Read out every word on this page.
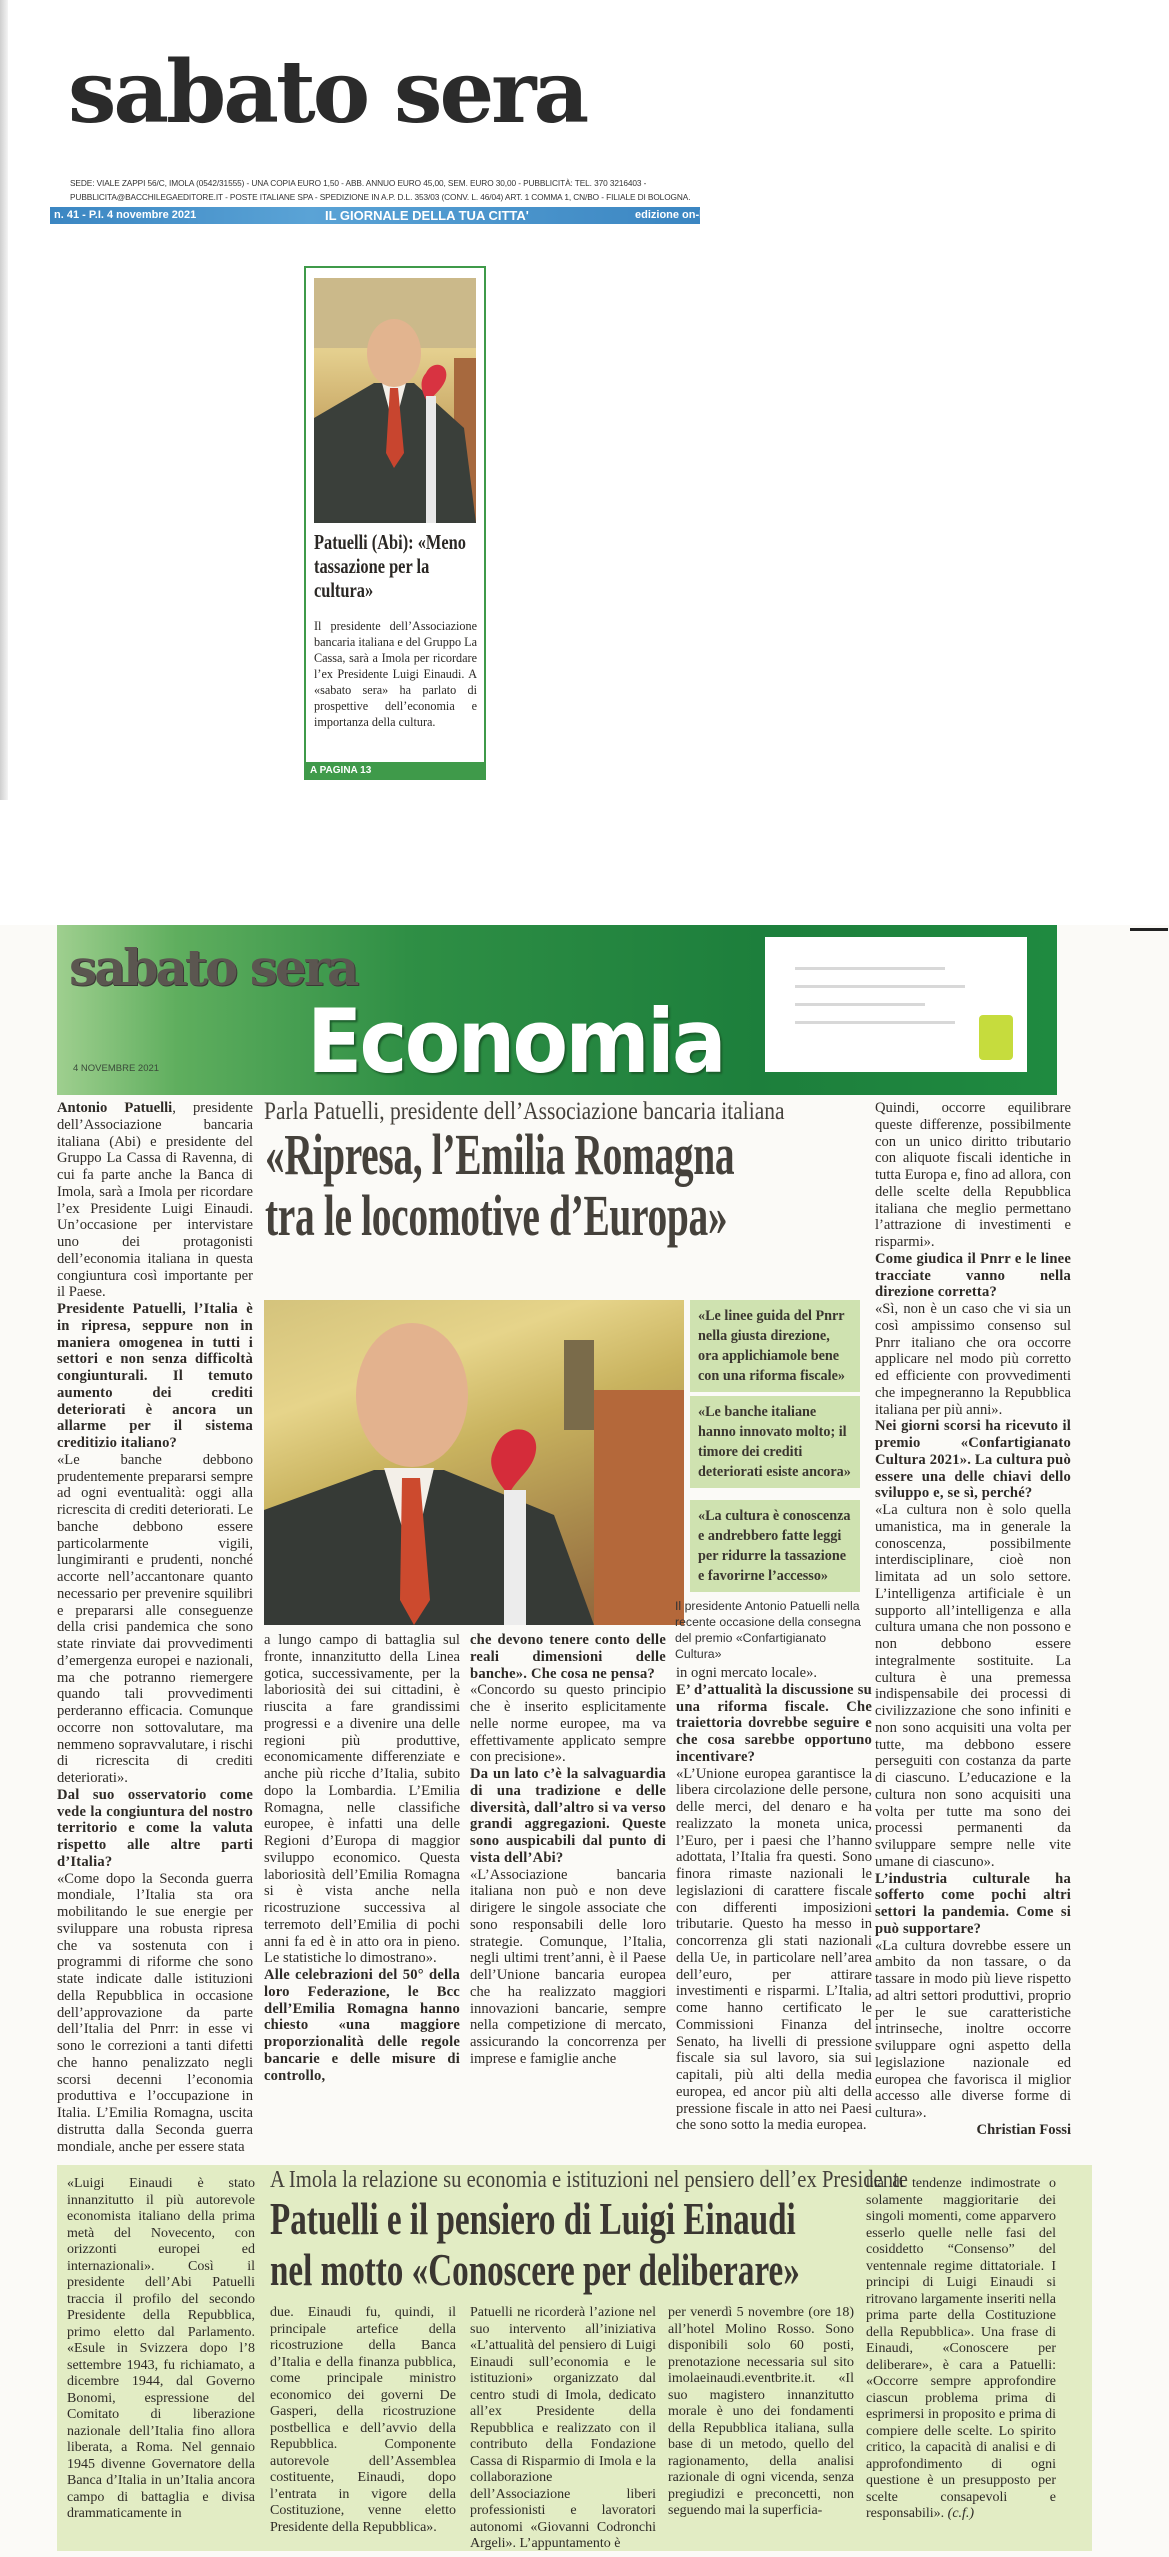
sabato sera
SEDE: VIALE ZAPPI 56/C, IMOLA (0542/31555) - UNA COPIA EURO 1,50 - ABB. ANNUO EURO 45,00, SEM. EURO 30,00 - PUBBLICITÀ: TEL. 370 3216403 -
PUBBLICITA@BACCHILEGAEDITORE.IT - POSTE ITALIANE SPA - SPEDIZIONE IN A.P. D.L. 353/03 (CONV. L. 46/04) ART. 1 COMMA 1, CN/BO - FILIALE DI BOLOGNA.
n. 41 - P.I. 4 novembre 2021	IL GIORNALE DELLA TUA CITTA'	edizione on-li
Patuelli (Abi): «Meno tassazione per la cultura»

Il presidente dell’Associazione bancaria italiana e del Gruppo La Cassa, sarà a Imola per ricordare l’ex Presidente Luigi Einaudi. A «sabato sera» ha parlato di prospettive dell’economia e importanza della cultura.

A PAGINA 13
sabato sera
Economia
4 NOVEMBRE 2021
Parla Patuelli, presidente dell’Associazione bancaria italiana
«Ripresa, l’Emilia Romagna
tra le locomotive d’Europa»
«Le linee guida del Pnrr nella giusta direzione, ora applichiamole bene con una riforma fiscale»
«Le banche italiane hanno innovato molto; il timore dei crediti deteriorati esiste ancora»
«La cultura è conoscenza e andrebbero fatte leggi per ridurre la tassazione e favorirne l’accesso»
Il presidente Antonio Patuelli nella recente occasione della consegna del premio «Confartigianato Cultura»

Antonio Patuelli, presidente dell’Associazione bancaria italiana (Abi) e presidente del Gruppo La Cassa di Ravenna, di cui fa parte anche la Banca di Imola, sarà a Imola per ricordare l’ex Presidente Luigi Einaudi. Un’occasione per intervistare uno dei protagonisti dell’economia italiana in questa congiuntura così importante per il Paese.

Presidente Patuelli, l’Italia è in ripresa, seppure non in maniera omogenea in tutti i settori e non senza difficoltà congiunturali. Il temuto aumento dei crediti deteriorati è ancora un allarme per il sistema creditizio italiano?

«Le banche debbono prudentemente prepararsi sempre ad ogni eventualità: oggi alla ricrescita di crediti deteriorati. Le banche debbono essere particolarmente vigili, lungimiranti e prudenti, nonché accorte nell’accantonare quanto necessario per prevenire squilibri e prepararsi alle conseguenze della crisi pandemica che sono state rinviate dai provvedimenti d’emergenza europei e nazionali, ma che potranno riemergere quando tali provvedimenti perderanno efficacia. Comunque occorre non sottovalutare, ma nemmeno sopravvalutare, i rischi di ricrescita di crediti deteriorati».

Dal suo osservatorio come vede la congiuntura del nostro territorio e come la valuta rispetto alle altre parti d’Italia?

«Come dopo la Seconda guerra mondiale, l’Italia sta ora mobilitando le sue energie per sviluppare una robusta ripresa che va sostenuta con i programmi di riforme che sono state indicate dalle istituzioni della Repubblica in occasione dell’approvazione da parte dell’Italia del Pnrr: in esse vi sono le correzioni a tanti difetti che hanno penalizzato negli scorsi decenni l’economia produttiva e l’occupazione in Italia. L’Emilia Romagna, uscita distrutta dalla Seconda guerra mondiale, anche per essere stata

a lungo campo di battaglia sul fronte, innanzitutto della Linea gotica, successivamente, per la laboriosità dei sui cittadini, è riuscita a fare grandissimi progressi e a divenire una delle regioni più produttive, economicamente differenziate e anche più ricche d’Italia, subito dopo la Lombardia. L’Emilia Romagna, nelle classifiche europee, è infatti una delle Regioni d’Europa di maggior sviluppo economico. Questa laboriosità dell’Emilia Romagna si è vista anche nella ricostruzione successiva al terremoto dell’Emilia di pochi anni fa ed è in atto ora in pieno. Le statistiche lo dimostrano».

Alle celebrazioni del 50° della loro Federazione, le Bcc dell’Emilia Romagna hanno chiesto «una maggiore proporzionalità delle regole bancarie e delle misure di controllo,

che devono tenere conto delle reali dimensioni delle banche». Che cosa ne pensa?

«Concordo su questo principio che è inserito esplicitamente nelle norme europee, ma va effettivamente applicato sempre con precisione».

Da un lato c’è la salvaguardia di una tradizione e delle diversità, dall’altro si va verso grandi aggregazioni. Queste sono auspicabili dal punto di vista dell’Abi?

«L’Associazione bancaria italiana non può e non deve dirigere le singole associate che sono responsabili delle loro strategie. Comunque, l’Italia, negli ultimi trent’anni, è il Paese dell’Unione bancaria europea che ha realizzato maggiori innovazioni bancarie, sempre nella competizione di mercato, assicurando la concorrenza per imprese e famiglie anche

in ogni mercato locale».

E’ d’attualità la discussione su una riforma fiscale. Che traiettoria dovrebbe seguire e che cosa sarebbe opportuno incentivare?

«L’Unione europea garantisce la libera circolazione delle persone, delle merci, del denaro e ha realizzato la moneta unica, l’Euro, per i paesi che l’hanno adottata, l’Italia fra questi. Sono finora rimaste nazionali le legislazioni di carattere fiscale con differenti imposizioni tributarie. Questo ha messo in concorrenza gli stati nazionali della Ue, in particolare nell’area dell’euro, per attirare investimenti e risparmi. L’Italia, come hanno certificato le Commissioni Finanza del Senato, ha livelli di pressione fiscale sia sul lavoro, sia sui capitali, più alti della media europea, ed ancor più alti della pressione fiscale in atto nei Paesi che sono sotto la media europea.

Quindi, occorre equilibrare queste differenze, possibilmente con un unico diritto tributario con aliquote fiscali identiche in tutta Europa e, fino ad allora, con delle scelte della Repubblica italiana che meglio permettano l’attrazione di investimenti e risparmi».

Come giudica il Pnrr e le linee tracciate vanno nella direzione corretta?

«Sì, non è un caso che vi sia un così ampissimo consenso sul Pnrr italiano che ora occorre applicare nel modo più corretto ed efficiente con provvedimenti che impegneranno la Repubblica italiana per più anni».

Nei giorni scorsi ha ricevuto il premio «Confartigianato Cultura 2021». La cultura può essere una delle chiavi dello sviluppo e, se sì, perché?

«La cultura non è solo quella umanistica, ma in generale la conoscenza, possibilmente interdisciplinare, cioè non limitata ad un solo settore. L’intelligenza artificiale è un supporto all’intelligenza e alla cultura umana che non possono e non debbono essere integralmente sostituite. La cultura è una premessa indispensabile dei processi di civilizzazione che sono infiniti e non sono acquisiti una volta per tutte, ma debbono essere perseguiti con costanza da parte di ciascuno. L’educazione e la cultura non sono acquisiti una volta per tutte ma sono dei processi permanenti da sviluppare sempre nelle vite umane di ciascuno».

L’industria culturale ha sofferto come pochi altri settori la pandemia. Come si può supportare?

«La cultura dovrebbe essere un ambito da non tassare, o da tassare in modo più lieve rispetto ad altri settori produttivi, proprio per le sue caratteristiche intrinseche, inoltre occorre sviluppare ogni aspetto della legislazione nazionale ed europea che favorisca il miglior accesso alle diverse forme di cultura».

Christian Fossi

A Imola la relazione su economia e istituzioni nel pensiero dell’ex Presidente
Patuelli e il pensiero di Luigi Einaudi
nel motto «Conoscere per deliberare»
«Luigi Einaudi è stato innanzitutto il più autorevole economista italiano della prima metà del Novecento, con orizzonti europei ed internazionali». Così il presidente dell’Abi Patuelli traccia il profilo del secondo Presidente della Repubblica, primo eletto dal Parlamento. «Esule in Svizzera dopo l’8 settembre 1943, fu richiamato, a dicembre 1944, dal Governo Bonomi, espressione del Comitato di liberazione nazionale dell’Italia fino allora liberata, a Roma. Nel gennaio 1945 divenne Governatore della Banca d’Italia in un’Italia ancora campo di battaglia e divisa drammaticamente in
due. Einaudi fu, quindi, il principale artefice della ricostruzione della Banca d’Italia e della finanza pubblica, come principale ministro economico dei governi De Gasperi, della ricostruzione postbellica e dell’avvio della Repubblica. Componente autorevole dell’Assemblea costituente, Einaudi, dopo l’entrata in vigore della Costituzione, venne eletto Presidente della Repubblica».
Patuelli ne ricorderà l’azione nel suo intervento all’iniziativa «L’attualità del pensiero di Luigi Einaudi sull’economia e le istituzioni» organizzato dal centro studi di Imola, dedicato all’ex Presidente della Repubblica e realizzato con il contributo della Fondazione Cassa di Risparmio di Imola e la collaborazione dell’Associazione liberi professionisti e lavoratori autonomi «Giovanni Codronchi Argeli». L’appuntamento è
per venerdì 5 novembre (ore 18) all’hotel Molino Rosso. Sono disponibili solo 60 posti, prenotazione necessaria sul sito imolaeinaudi.eventbrite.it. «Il suo magistero innanzitutto morale è uno dei fondamenti della Repubblica italiana, sulla base di un metodo, quello del ragionamento, della analisi razionale di ogni vicenda, senza pregiudizi e preconcetti, non seguendo mai la superficia-
lità di tendenze indimostrate o solamente maggioritarie dei singoli momenti, come apparvero esserlo quelle nelle fasi del cosiddetto “Consenso” del ventennale regime dittatoriale. I principi di Luigi Einaudi si ritrovano largamente inseriti nella prima parte della Costituzione della Repubblica». Una frase di Einaudi, «Conoscere per deliberare», è cara a Patuelli: «Occorre sempre approfondire ciascun problema prima di esprimersi in proposito e prima di compiere delle scelte. Lo spirito critico, la capacità di analisi e di approfondimento di ogni questione è un presupposto per scelte consapevoli e responsabili». (c.f.)
